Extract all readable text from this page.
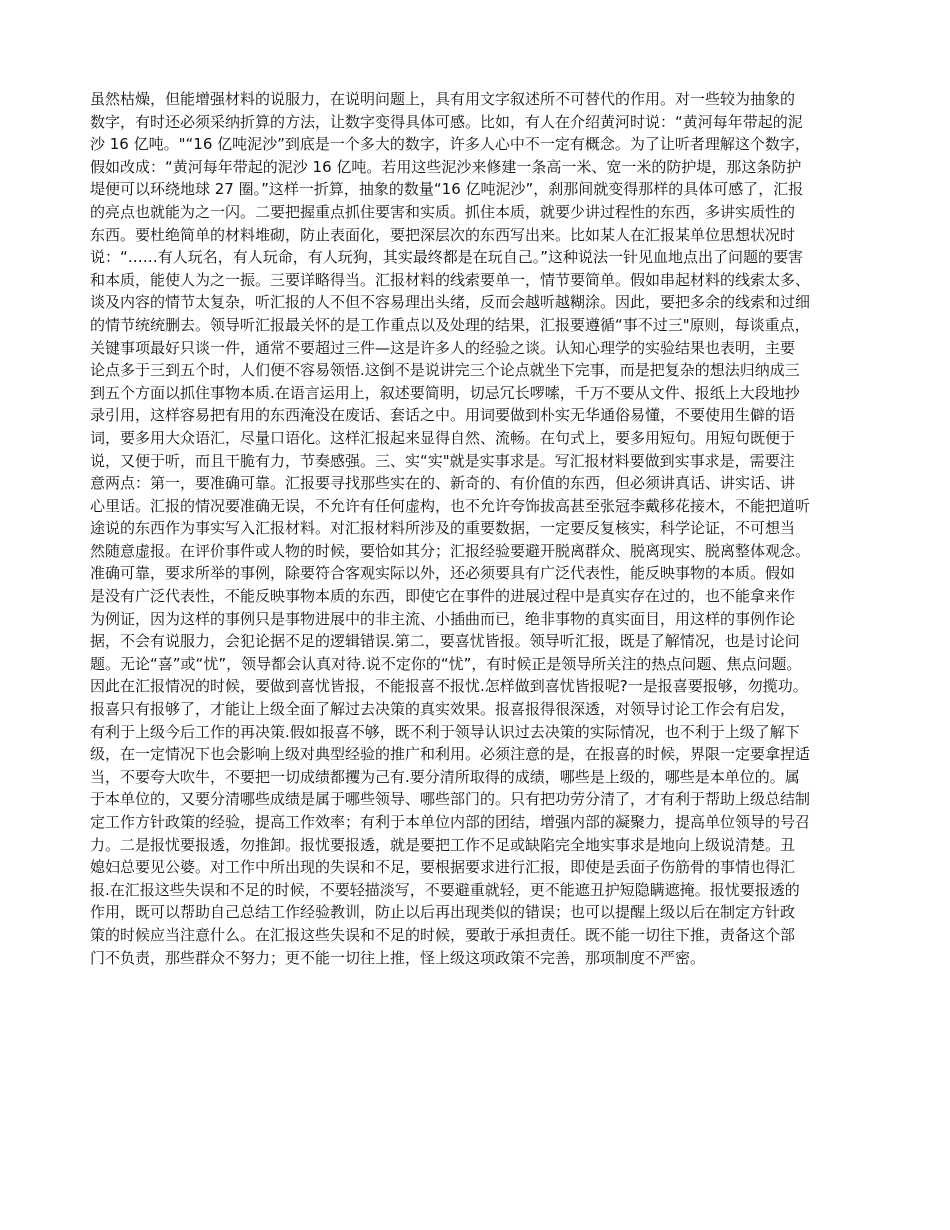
虽然枯燥，但能增强材料的说服力，在说明问题上，具有用文字叙述所不可替代的作用。对一些较为抽象的
数字，有时还必须采纳折算的方法，让数字变得具体可感。比如，有人在介绍黄河时说：“黄河每年带起的泥
沙 16 亿吨。"“16 亿吨泥沙”到底是一个多大的数字，许多人心中不一定有概念。为了让听者理解这个数字，
假如改成：“黄河每年带起的泥沙 16 亿吨。若用这些泥沙来修建一条高一米、宽一米的防护堤，那这条防护
堤便可以环绕地球 27 圈。”这样一折算，抽象的数量“16 亿吨泥沙”，刹那间就变得那样的具体可感了，汇报
的亮点也就能为之一闪。二要把握重点抓住要害和实质。抓住本质，就要少讲过程性的东西，多讲实质性的
东西。要杜绝简单的材料堆砌，防止表面化，要把深层次的东西写出来。比如某人在汇报某单位思想状况时
说：“……有人玩名，有人玩命，有人玩狗，其实最终都是在玩自己。”这种说法一针见血地点出了问题的要害
和本质，能使人为之一振。三要详略得当。汇报材料的线索要单一，情节要简单。假如串起材料的线索太多、
谈及内容的情节太复杂，听汇报的人不但不容易理出头绪，反而会越听越糊涂。因此，要把多余的线索和过细
的情节统统删去。领导听汇报最关怀的是工作重点以及处理的结果，汇报要遵循“事不过三"原则，每谈重点，
关键事项最好只谈一件，通常不要超过三件—这是许多人的经验之谈。认知心理学的实验结果也表明，主要
论点多于三到五个时，人们便不容易领悟.这倒不是说讲完三个论点就坐下完事，而是把复杂的想法归纳成三
到五个方面以抓住事物本质.在语言运用上，叙述要简明，切忌冗长啰嗦，千万不要从文件、报纸上大段地抄
录引用，这样容易把有用的东西淹没在废话、套话之中。用词要做到朴实无华通俗易懂，不要使用生僻的语
词，要多用大众语汇，尽量口语化。这样汇报起来显得自然、流畅。在句式上，要多用短句。用短句既便于
说，又便于听，而且干脆有力，节奏感强。三、实“实"就是实事求是。写汇报材料要做到实事求是，需要注
意两点：第一，要准确可靠。汇报要寻找那些实在的、新奇的、有价值的东西，但必须讲真话、讲实话、讲
心里话。汇报的情况要准确无误，不允许有任何虚构，也不允许夸饰拔高甚至张冠李戴移花接木，不能把道听
途说的东西作为事实写入汇报材料。对汇报材料所涉及的重要数据，一定要反复核实，科学论证，不可想当
然随意虚报。在评价事件或人物的时候，要恰如其分；汇报经验要避开脱离群众、脱离现实、脱离整体观念。
准确可靠，要求所举的事例，除要符合客观实际以外，还必须要具有广泛代表性，能反映事物的本质。假如
是没有广泛代表性，不能反映事物本质的东西，即使它在事件的进展过程中是真实存在过的，也不能拿来作
为例证，因为这样的事例只是事物进展中的非主流、小插曲而已，绝非事物的真实面目，用这样的事例作论
据，不会有说服力，会犯论据不足的逻辑错误.第二，要喜忧皆报。领导听汇报，既是了解情况，也是讨论问
题。无论“喜”或“忧”，领导都会认真对待.说不定你的“忧”，有时候正是领导所关注的热点问题、焦点问题。
因此在汇报情况的时候，要做到喜忧皆报，不能报喜不报忧.怎样做到喜忧皆报呢?一是报喜要报够，勿揽功。
报喜只有报够了，才能让上级全面了解过去决策的真实效果。报喜报得很深透，对领导讨论工作会有启发，
有利于上级今后工作的再决策.假如报喜不够，既不利于领导认识过去决策的实际情况，也不利于上级了解下
级，在一定情况下也会影响上级对典型经验的推广和利用。必须注意的是，在报喜的时候，界限一定要拿捏适
当，不要夸大吹牛，不要把一切成绩都攫为己有.要分清所取得的成绩，哪些是上级的，哪些是本单位的。属
于本单位的，又要分清哪些成绩是属于哪些领导、哪些部门的。只有把功劳分清了，才有利于帮助上级总结制
定工作方针政策的经验，提高工作效率；有利于本单位内部的团结，增强内部的凝聚力，提高单位领导的号召
力。二是报忧要报透，勿推卸。报忧要报透，就是要把工作不足或缺陷完全地实事求是地向上级说清楚。丑
媳妇总要见公婆。对工作中所出现的失误和不足，要根据要求进行汇报，即使是丢面子伤筋骨的事情也得汇
报.在汇报这些失误和不足的时候，不要轻描淡写，不要避重就轻，更不能遮丑护短隐瞒遮掩。报忧要报透的
作用，既可以帮助自己总结工作经验教训，防止以后再出现类似的错误；也可以提醒上级以后在制定方针政
策的时候应当注意什么。在汇报这些失误和不足的时候，要敢于承担责任。既不能一切往下推，责备这个部
门不负责，那些群众不努力；更不能一切往上推，怪上级这项政策不完善，那项制度不严密。
